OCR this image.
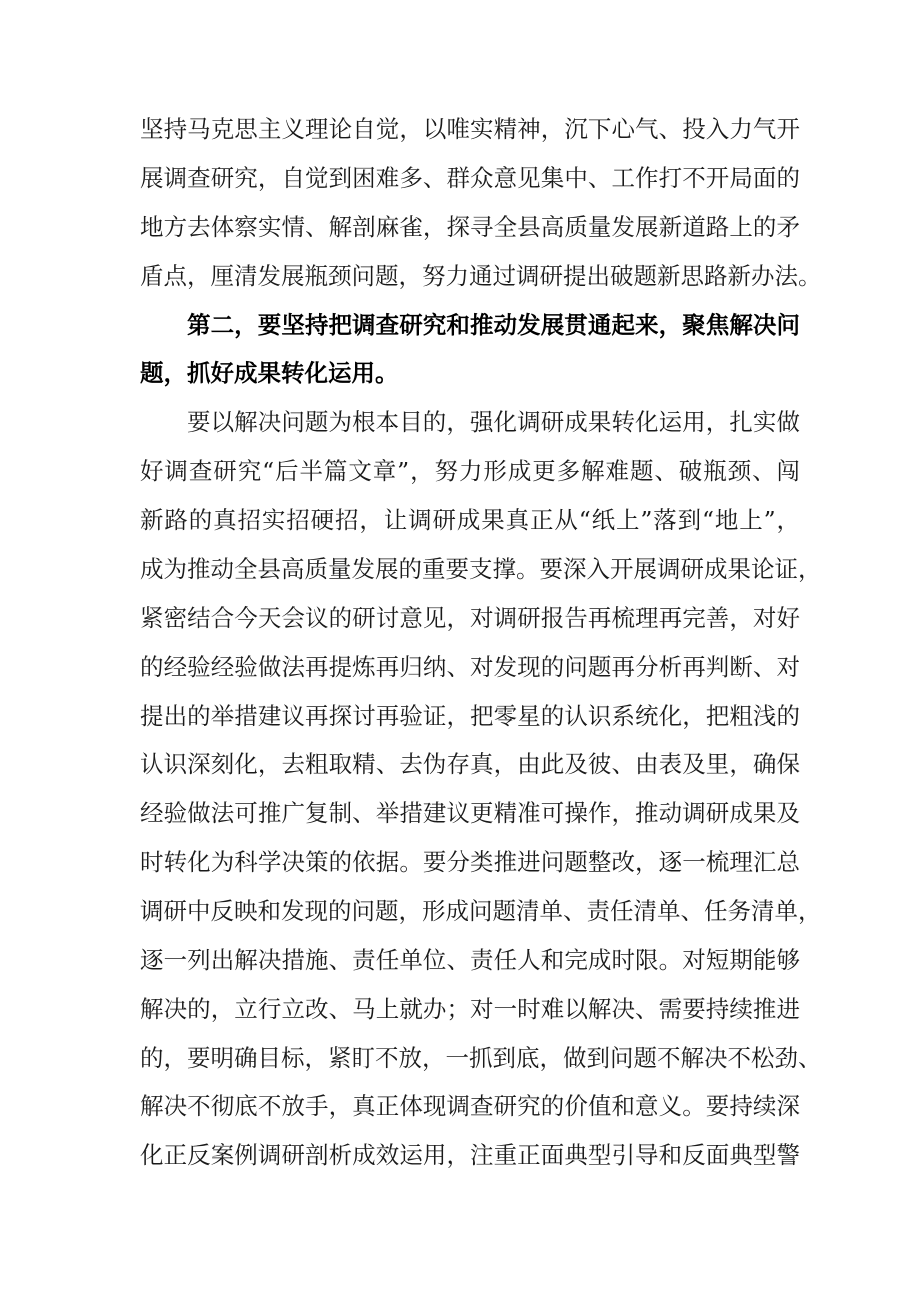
坚持马克思主义理论自觉，以唯实精神，沉下心气、投入力气开
展调查研究，自觉到困难多、群众意见集中、工作打不开局面的
地方去体察实情、解剖麻雀，探寻全县高质量发展新道路上的矛
盾点，厘清发展瓶颈问题，努力通过调研提出破题新思路新办法。
第二，要坚持把调查研究和推动发展贯通起来，聚焦解决问
题，抓好成果转化运用。
要以解决问题为根本目的，强化调研成果转化运用，扎实做
好调查研究“后半篇文章”，努力形成更多解难题、破瓶颈、闯
新路的真招实招硬招，让调研成果真正从“纸上”落到“地上”，
成为推动全县高质量发展的重要支撑。要深入开展调研成果论证，
紧密结合今天会议的研讨意见，对调研报告再梳理再完善，对好
的经验经验做法再提炼再归纳、对发现的问题再分析再判断、对
提出的举措建议再探讨再验证，把零星的认识系统化，把粗浅的
认识深刻化，去粗取精、去伪存真，由此及彼、由表及里，确保
经验做法可推广复制、举措建议更精准可操作，推动调研成果及
时转化为科学决策的依据。要分类推进问题整改，逐一梳理汇总
调研中反映和发现的问题，形成问题清单、责任清单、任务清单，
逐一列出解决措施、责任单位、责任人和完成时限。对短期能够
解决的，立行立改、马上就办；对一时难以解决、需要持续推进
的，要明确目标，紧盯不放，一抓到底，做到问题不解决不松劲、
解决不彻底不放手，真正体现调查研究的价值和意义。要持续深
化正反案例调研剖析成效运用，注重正面典型引导和反面典型警
